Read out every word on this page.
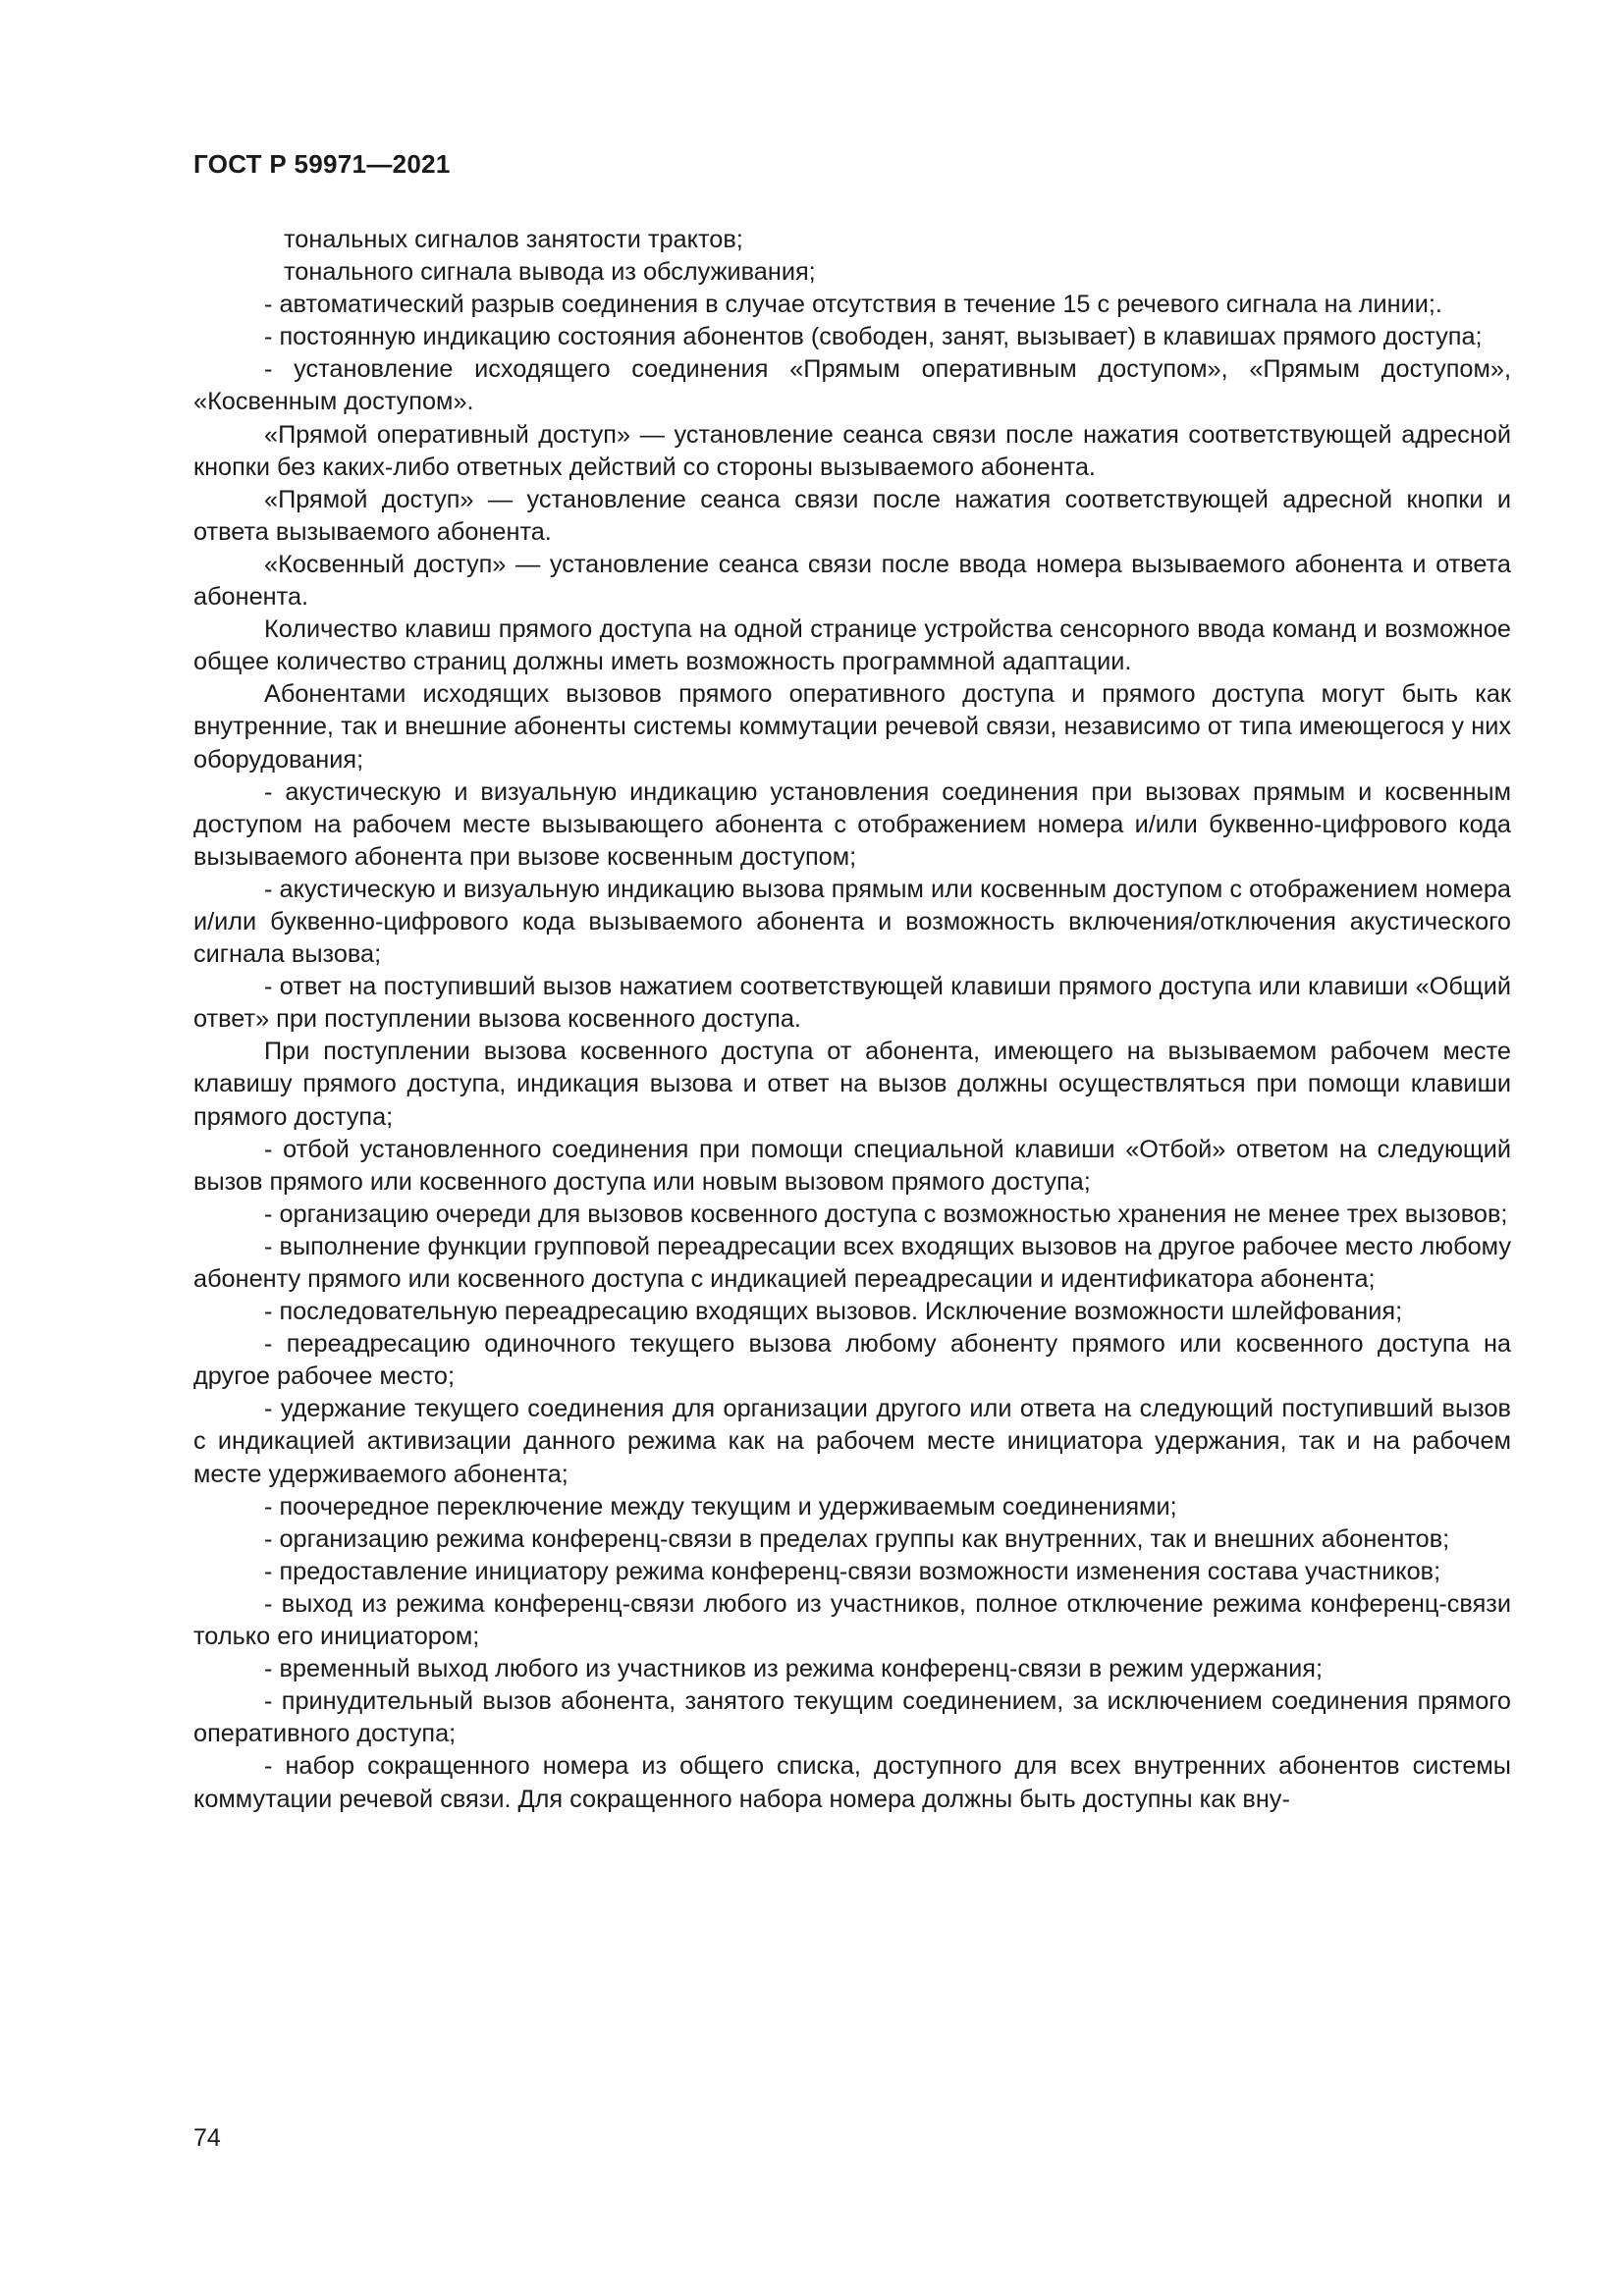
ГОСТ Р 59971—2021

тональных сигналов занятости трактов;

тонального сигнала вывода из обслуживания;

- автоматический разрыв соединения в случае отсутствия в течение 15 с речевого сигнала на линии;.

- постоянную индикацию состояния абонентов (свободен, занят, вызывает) в клавишах прямого доступа;

- установление исходящего соединения «Прямым оперативным доступом», «Прямым доступом», «Косвенным доступом».

«Прямой оперативный доступ» — установление сеанса связи после нажатия соответствующей адресной кнопки без каких-либо ответных действий со стороны вызываемого абонента.

«Прямой доступ» — установление сеанса связи после нажатия соответствующей адресной кнопки и ответа вызываемого абонента.

«Косвенный доступ» — установление сеанса связи после ввода номера вызываемого абонента и ответа абонента.

Количество клавиш прямого доступа на одной странице устройства сенсорного ввода команд и возможное общее количество страниц должны иметь возможность программной адаптации.

Абонентами исходящих вызовов прямого оперативного доступа и прямого доступа могут быть как внутренние, так и внешние абоненты системы коммутации речевой связи, независимо от типа имеющегося у них оборудования;

- акустическую и визуальную индикацию установления соединения при вызовах прямым и косвенным доступом на рабочем месте вызывающего абонента с отображением номера и/или буквенно-цифрового кода вызываемого абонента при вызове косвенным доступом;

- акустическую и визуальную индикацию вызова прямым или косвенным доступом с отображением номера и/или буквенно-цифрового кода вызываемого абонента и возможность включения/отключения акустического сигнала вызова;

- ответ на поступивший вызов нажатием соответствующей клавиши прямого доступа или клавиши «Общий ответ» при поступлении вызова косвенного доступа.

При поступлении вызова косвенного доступа от абонента, имеющего на вызываемом рабочем месте клавишу прямого доступа, индикация вызова и ответ на вызов должны осуществляться при помощи клавиши прямого доступа;

- отбой установленного соединения при помощи специальной клавиши «Отбой» ответом на следующий вызов прямого или косвенного доступа или новым вызовом прямого доступа;

- организацию очереди для вызовов косвенного доступа с возможностью хранения не менее трех вызовов;

- выполнение функции групповой переадресации всех входящих вызовов на другое рабочее место любому абоненту прямого или косвенного доступа с индикацией переадресации и идентификатора абонента;

- последовательную переадресацию входящих вызовов. Исключение возможности шлейфования;

- переадресацию одиночного текущего вызова любому абоненту прямого или косвенного доступа на другое рабочее место;

- удержание текущего соединения для организации другого или ответа на следующий поступивший вызов с индикацией активизации данного режима как на рабочем месте инициатора удержания, так и на рабочем месте удерживаемого абонента;

- поочередное переключение между текущим и удерживаемым соединениями;

- организацию режима конференц-связи в пределах группы как внутренних, так и внешних абонентов;

- предоставление инициатору режима конференц-связи возможности изменения состава участников;

- выход из режима конференц-связи любого из участников, полное отключение режима конференц-связи только его инициатором;

- временный выход любого из участников из режима конференц-связи в режим удержания;

- принудительный вызов абонента, занятого текущим соединением, за исключением соединения прямого оперативного доступа;

- набор сокращенного номера из общего списка, доступного для всех внутренних абонентов системы коммутации речевой связи. Для сокращенного набора номера должны быть доступны как вну-

74
